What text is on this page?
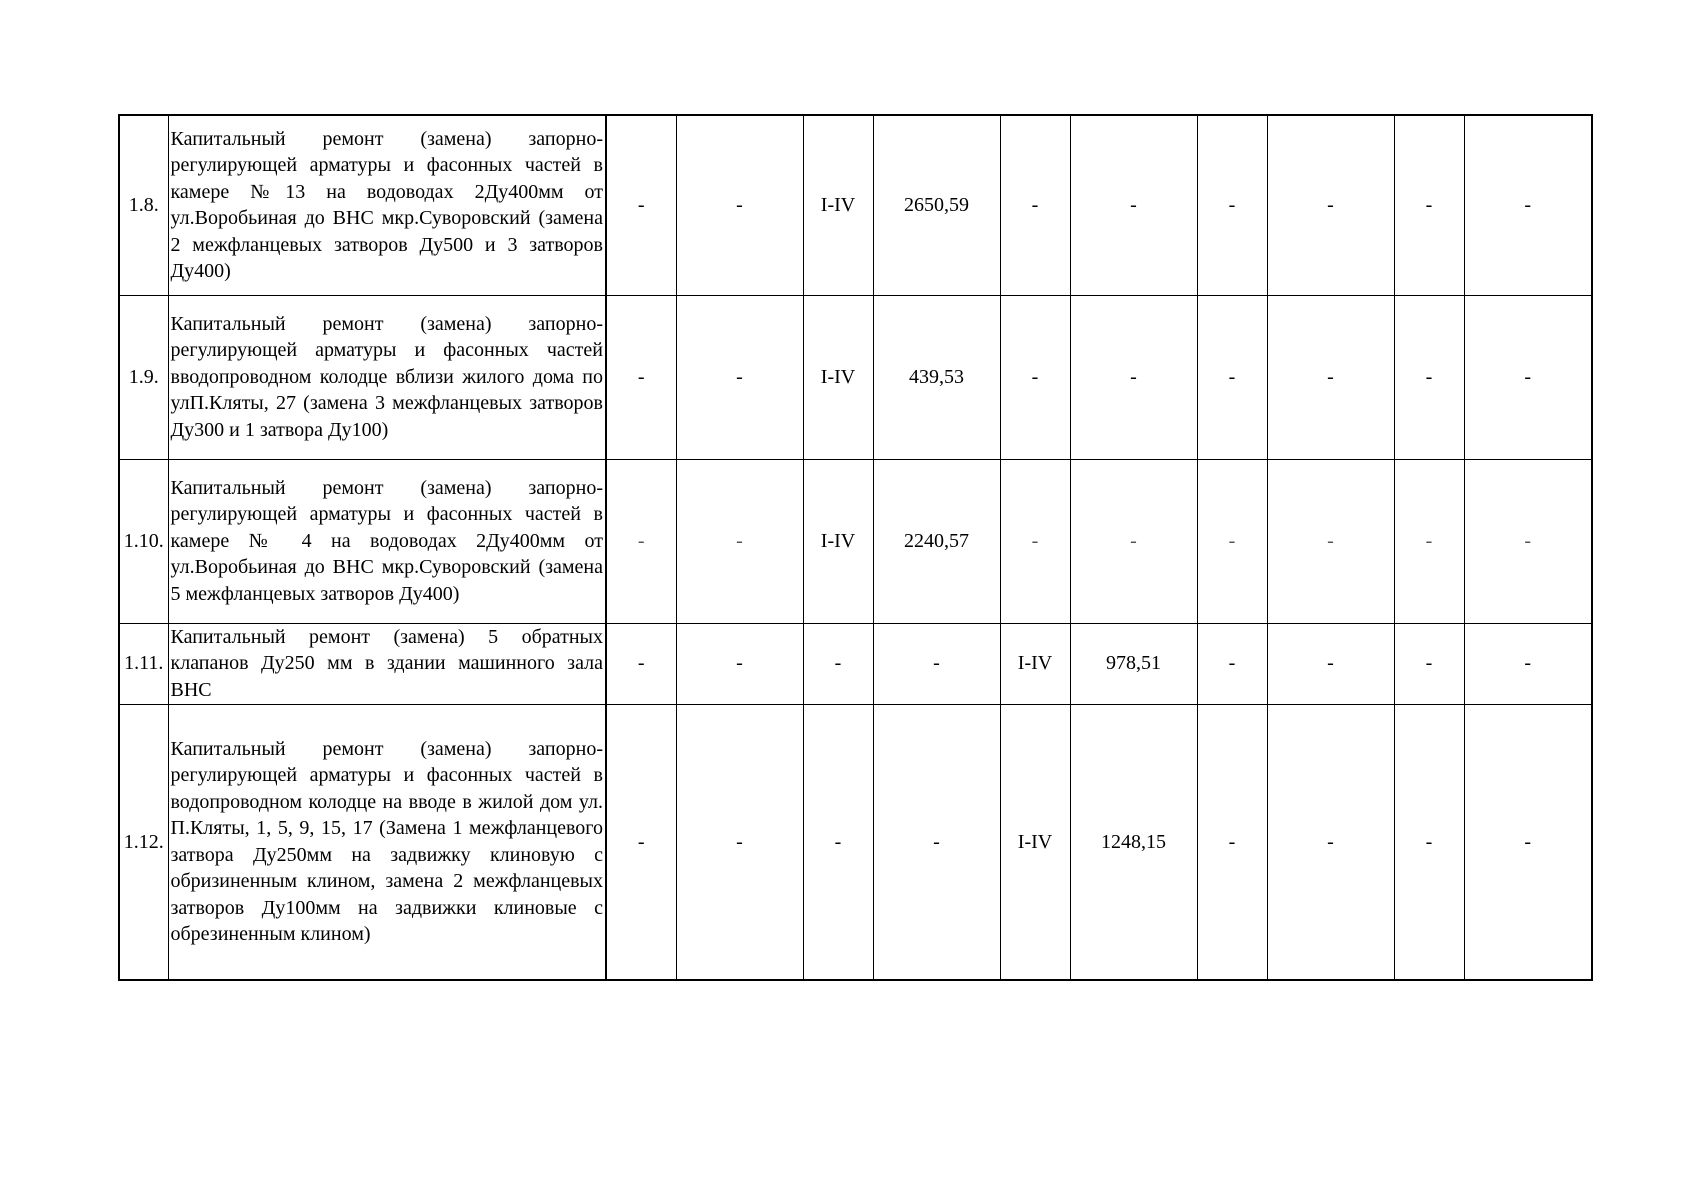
1.8.	Капитальный ремонт (замена) запорно-регулирующей арматуры и фасонных частей в камере №13 на водоводах 2Ду400мм от ул.Воробьиная до ВНС мкр.Суворовский (замена 2 межфланцевых затворов Ду500 и 3 затворов Ду400)	-	-	I-IV	2650,59	-	-	-	-	-	-
1.9.	Капитальный ремонт (замена) запорно-регулирующей арматуры и фасонных частей вводопроводном колодце вблизи жилого дома по улП.Кляты, 27 (замена 3 межфланцевых затворов Ду300 и 1 затвора Ду100)	-	-	I-IV	439,53	-	-	-	-	-	-
1.10.	Капитальный ремонт (замена) запорно-регулирующей арматуры и фасонных частей в камере № 4 на водоводах 2Ду400мм от ул.Воробьиная до ВНС мкр.Суворовский (замена 5 межфланцевых затворов Ду400)	-	-	I-IV	2240,57	-	-	-	-	-	-
1.11.	Капитальный ремонт (замена) 5 обратных клапанов Ду250 мм в здании машинного зала ВНС	-	-	-	-	I-IV	978,51	-	-	-	-
1.12.	Капитальный ремонт (замена) запорно-регулирующей арматуры и фасонных частей в водопроводном колодце на вводе в жилой дом ул. П.Кляты, 1, 5, 9, 15, 17 (Замена 1 межфланцевого затвора Ду250мм на задвижку клиновую с обризиненным клином, замена 2 межфланцевых затворов Ду100мм на задвижки клиновые с обрезиненным клином)	-	-	-	-	I-IV	1248,15	-	-	-	-
